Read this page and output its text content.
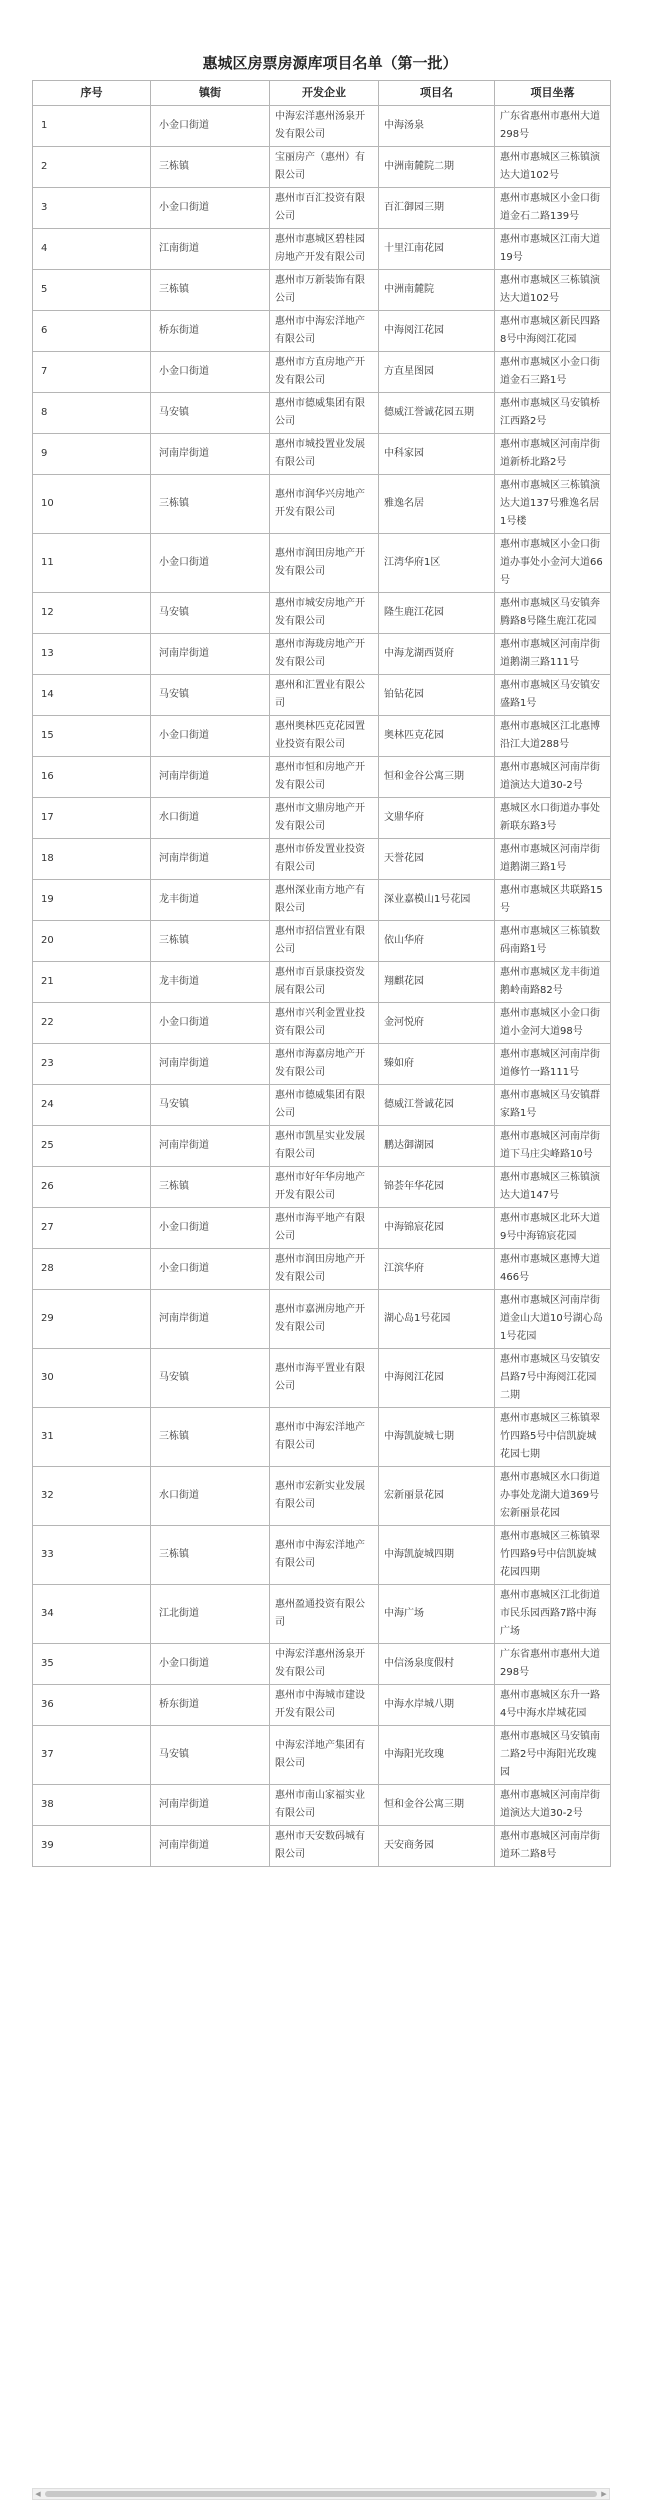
惠城区房票房源库项目名单（第一批）
序号	镇街	开发企业	项目名	项目坐落
1	小金口街道	中海宏洋惠州汤泉开发有限公司	中海汤泉	广东省惠州市惠州大道298号
2	三栋镇	宝丽房产（惠州）有限公司	中洲南麓院二期	惠州市惠城区三栋镇演达大道102号
3	小金口街道	惠州市百汇投资有限公司	百汇御园三期	惠州市惠城区小金口街道金石二路139号
4	江南街道	惠州市惠城区碧桂园房地产开发有限公司	十里江南花园	惠州市惠城区江南大道19号
5	三栋镇	惠州市万新装饰有限公司	中洲南麓院	惠州市惠城区三栋镇演达大道102号
6	桥东街道	惠州市中海宏洋地产有限公司	中海阅江花园	惠州市惠城区新民四路8号中海阅江花园
7	小金口街道	惠州市方直房地产开发有限公司	方直星图园	惠州市惠城区小金口街道金石三路1号
8	马安镇	惠州市德威集团有限公司	德威江誉诚花园五期	惠州市惠城区马安镇桥江西路2号
9	河南岸街道	惠州市城投置业发展有限公司	中科家园	惠州市惠城区河南岸街道新桥北路2号
10	三栋镇	惠州市润华兴房地产开发有限公司	雅逸名居	惠州市惠城区三栋镇演达大道137号雅逸名居1号楼
11	小金口街道	惠州市润田房地产开发有限公司	江湾华府1区	惠州市惠城区小金口街道办事处小金河大道66号
12	马安镇	惠州市城安房地产开发有限公司	隆生鹿江花园	惠州市惠城区马安镇奔腾路8号隆生鹿江花园
13	河南岸街道	惠州市海珑房地产开发有限公司	中海龙湖西贤府	惠州市惠城区河南岸街道鹅湖三路111号
14	马安镇	惠州和汇置业有限公司	铂钻花园	惠州市惠城区马安镇安盛路1号
15	小金口街道	惠州奥林匹克花园置业投资有限公司	奥林匹克花园	惠州市惠城区江北惠博沿江大道288号
16	河南岸街道	惠州市恒和房地产开发有限公司	恒和金谷公寓三期	惠州市惠城区河南岸街道演达大道30-2号
17	水口街道	惠州市文鼎房地产开发有限公司	文鼎华府	惠城区水口街道办事处新联东路3号
18	河南岸街道	惠州市侨发置业投资有限公司	天誉花园	惠州市惠城区河南岸街道鹅湖三路1号
19	龙丰街道	惠州深业南方地产有限公司	深业嘉模山1号花园	惠州市惠城区共联路15号
20	三栋镇	惠州市招信置业有限公司	依山华府	惠州市惠城区三栋镇数码南路1号
21	龙丰街道	惠州市百景康投资发展有限公司	翔麒花园	惠州市惠城区龙丰街道鹅岭南路82号
22	小金口街道	惠州市兴利金置业投资有限公司	金河悦府	惠州市惠城区小金口街道小金河大道98号
23	河南岸街道	惠州市海嘉房地产开发有限公司	臻如府	惠州市惠城区河南岸街道修竹一路111号
24	马安镇	惠州市德威集团有限公司	德威江誉诚花园	惠州市惠城区马安镇群家路1号
25	河南岸街道	惠州市凯星实业发展有限公司	鹏达御湖园	惠州市惠城区河南岸街道下马庄尖峰路10号
26	三栋镇	惠州市好年华房地产开发有限公司	锦荟年华花园	惠州市惠城区三栋镇演达大道147号
27	小金口街道	惠州市海平地产有限公司	中海锦宸花园	惠州市惠城区北环大道9号中海锦宸花园
28	小金口街道	惠州市润田房地产开发有限公司	江滨华府	惠州市惠城区惠博大道466号
29	河南岸街道	惠州市嘉洲房地产开发有限公司	湖心岛1号花园	惠州市惠城区河南岸街道金山大道10号湖心岛1号花园
30	马安镇	惠州市海平置业有限公司	中海阅江花园	惠州市惠城区马安镇安昌路7号中海阅江花园二期
31	三栋镇	惠州市中海宏洋地产有限公司	中海凯旋城七期	惠州市惠城区三栋镇翠竹四路5号中信凯旋城花园七期
32	水口街道	惠州市宏新实业发展有限公司	宏新丽景花园	惠州市惠城区水口街道办事处龙湖大道369号宏新丽景花园
33	三栋镇	惠州市中海宏洋地产有限公司	中海凯旋城四期	惠州市惠城区三栋镇翠竹四路9号中信凯旋城花园四期
34	江北街道	惠州盈通投资有限公司	中海广场	惠州市惠城区江北街道市民乐园西路7路中海广场
35	小金口街道	中海宏洋惠州汤泉开发有限公司	中信汤泉度假村	广东省惠州市惠州大道298号
36	桥东街道	惠州市中海城市建设开发有限公司	中海水岸城八期	惠州市惠城区东升一路4号中海水岸城花园
37	马安镇	中海宏洋地产集团有限公司	中海阳光玫瑰	惠州市惠城区马安镇南二路2号中海阳光玫瑰园
38	河南岸街道	惠州市南山家福实业有限公司	恒和金谷公寓三期	惠州市惠城区河南岸街道演达大道30-2号
39	河南岸街道	惠州市天安数码城有限公司	天安商务园	惠州市惠城区河南岸街道环二路8号
◀	▶
